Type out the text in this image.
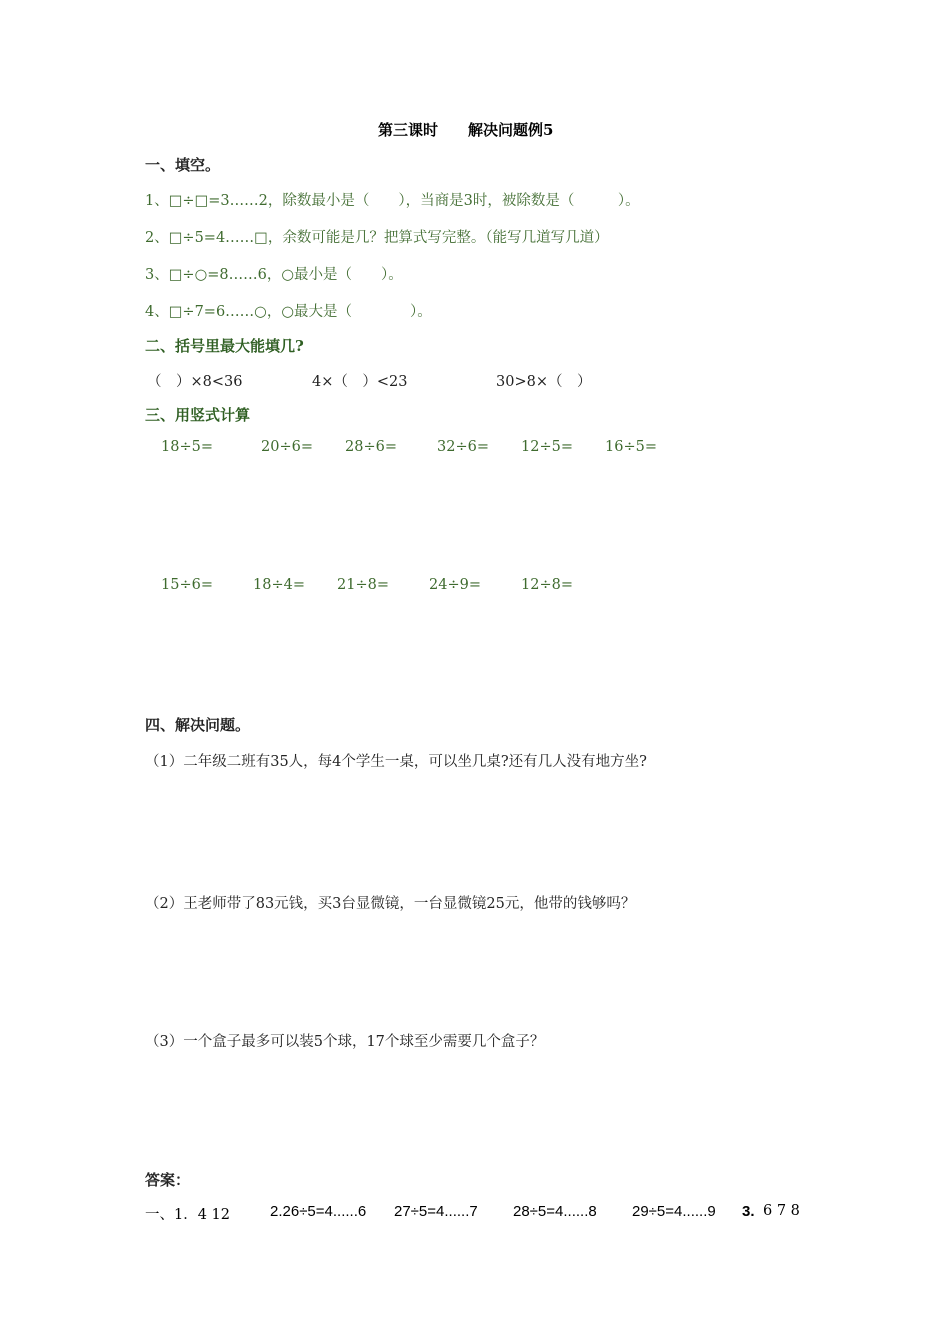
第三课时　　解决问题例5
一、填空。
1、□÷□=3……2，除数最小是（　　），当商是3时，被除数是（　　　）。
2、□÷5=4……□，余数可能是几？把算式写完整。（能写几道写几道）
3、□÷○=8……6，○最小是（　　）。
4、□÷7=6……○，○最大是（　　　　）。
二、括号里最大能填几?
（　）×8<36	4×（　）<23	30>8×（　）
三、用竖式计算
18÷5=	20÷6= 28÷6=	32÷6= 12÷5= 16÷5=
15÷6=	18÷4= 21÷8=	24÷9=	12÷8=
四、解决问题。
（1）二年级二班有35人，每4个学生一桌，可以坐几桌?还有几人没有地方坐?
（2）王老师带了83元钱，买3台显微镜，一台显微镜25元，他带的钱够吗？
（3）一个盒子最多可以装5个球，17个球至少需要几个盒子？
答案：
一、1．4 12	2.26÷5=4......6 27÷5=4......7 28÷5=4......8 29÷5=4......9 3. 6 7 8
